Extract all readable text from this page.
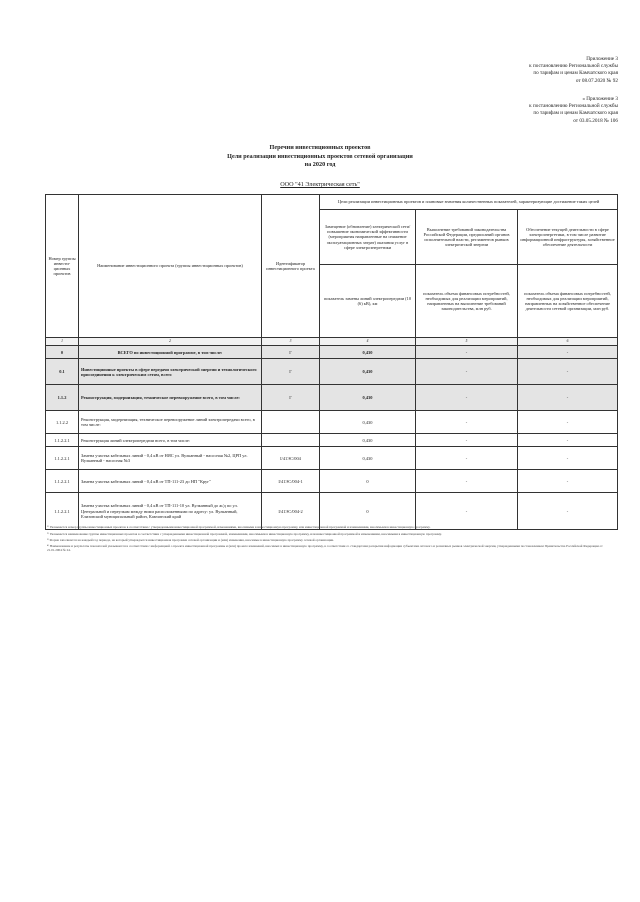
Приложение 3
к постановлению Региональной службы
по тарифам и ценам Камчатского края
от 08.07.2020 № 92
« Приложение 3
к постановлению Региональной службы
по тарифам и ценам Камчатского края
от 03.05.2018 № 106
Перечни инвестиционных проектов
Цели реализации инвестиционных проектов сетевой организации
на 2020 год
ООО "41 Электрическая сеть"
Номер группы инвести-ционных проектов	Наименование инвестиционного проекта (группы инвестиционных проектов)	Идентификатор инвестиционного проекта	Цели реализации инвестиционных проектов и плановые значения количественных показателей, характеризующие достижение таких целей		
			Замещение (обновление) электрической сети/повышение экономической эффективности (мероприятия направленные на снижение эксплуатационных затрат) оказания услуг в сфере электроэнергетики	Выполнение требований законодательства Российской Федерации, предписаний органов исполнительной власти, регламентов рынков электрической энергии	Обеспечение текущей деятельности в сфере электроэнергетики, в том числе развитие информационной инфраструктуры, хозяйственное обеспечение деятельности
			показатель замены линий электропередачи (10 (6) кВ), км	показатель объема финансовых потребностей, необходимых для реализации мероприятий, направленных на выполнение требований законодательства, млн руб.	показатель объема финансовых потребностей, необходимых для реализации мероприятий, направленных на хозяйственное обеспечение деятельности сетевой организации, млн руб.
1	2	3	4	5	6
0	ВСЕГО по инвестиционной программе, в том числе:	Г	0,430	-	-
0.1	Инвестиционные проекты в сфере передачи электрической энергии и технологического присоединения к электрическим сетям, всего	Г	0,430	-	-
1.1.2	Реконструкция, модернизация, техническое перевооружение всего, в том числе:	Г	0,430	-	-
1.1.2.2	Реконструкция, модернизация, техническое перевооружение линий электропередачи всего, в том числе:		0,430	-	-
1.1.2.2.1	Реконструкция линий электропередачи всего, в том числе:		0,430	-	-
1.1.2.2.1	Замена участка кабельных линий - 0,4 кВ от НЯС ул. Вулканный - насосная №2, ЦРП ул. Вулканный - насосная №3	I/41ЭС/004	0,430	-	-
1.1.2.2.1	Замена участка кабельных линий - 0,4 кВ от ТП-111-23 до НП "Круг"	I/41ЭС/004-1	0	-	-
1.1.2.2.1	Замена участка кабельных линий - 0,4 кВ от ТП-111-10 ул. Вулканный до ж/д по ул. Центральной и переулкам между ними расположенными по адресу: ул. Вулканный, Елизовский муниципальный район, Камчатский край	I/41ЭС/004-2	0	-	-
¹⁾ Указывается номер группы инвестиционных проектов в соответствии с утвержденными инвестиционной программой, изменениями, вносимыми в инвестиционную программу, или инвестиционной программой и изменениями, вносимыми в инвестиционную программу.
²⁾ Указывается наименование группы инвестиционных проектов в соответствии с утвержденными инвестиционной программой, изменениями, вносимыми в инвестиционную программу, или инвестиционной программой и изменениями, вносимыми в инвестиционную программу.
³⁾ Форма заполняется на каждый год периода, на который утверждается инвестиционная программа сетевой организации и (или) изменения, вносимые в инвестиционную программу сетевой организации.
⁴⁾ Наименование и результаты показателей указываются в соответствии с информацией о проекте инвестиционной программы и (или) проекте изменений, вносимых в инвестиционную программу, в соответствии со стандартами раскрытия информации субъектами оптового и розничных рынков электрической энергии, утвержденными постановлением Правительства Российской Федерации от 21.01.2004 № 24.
